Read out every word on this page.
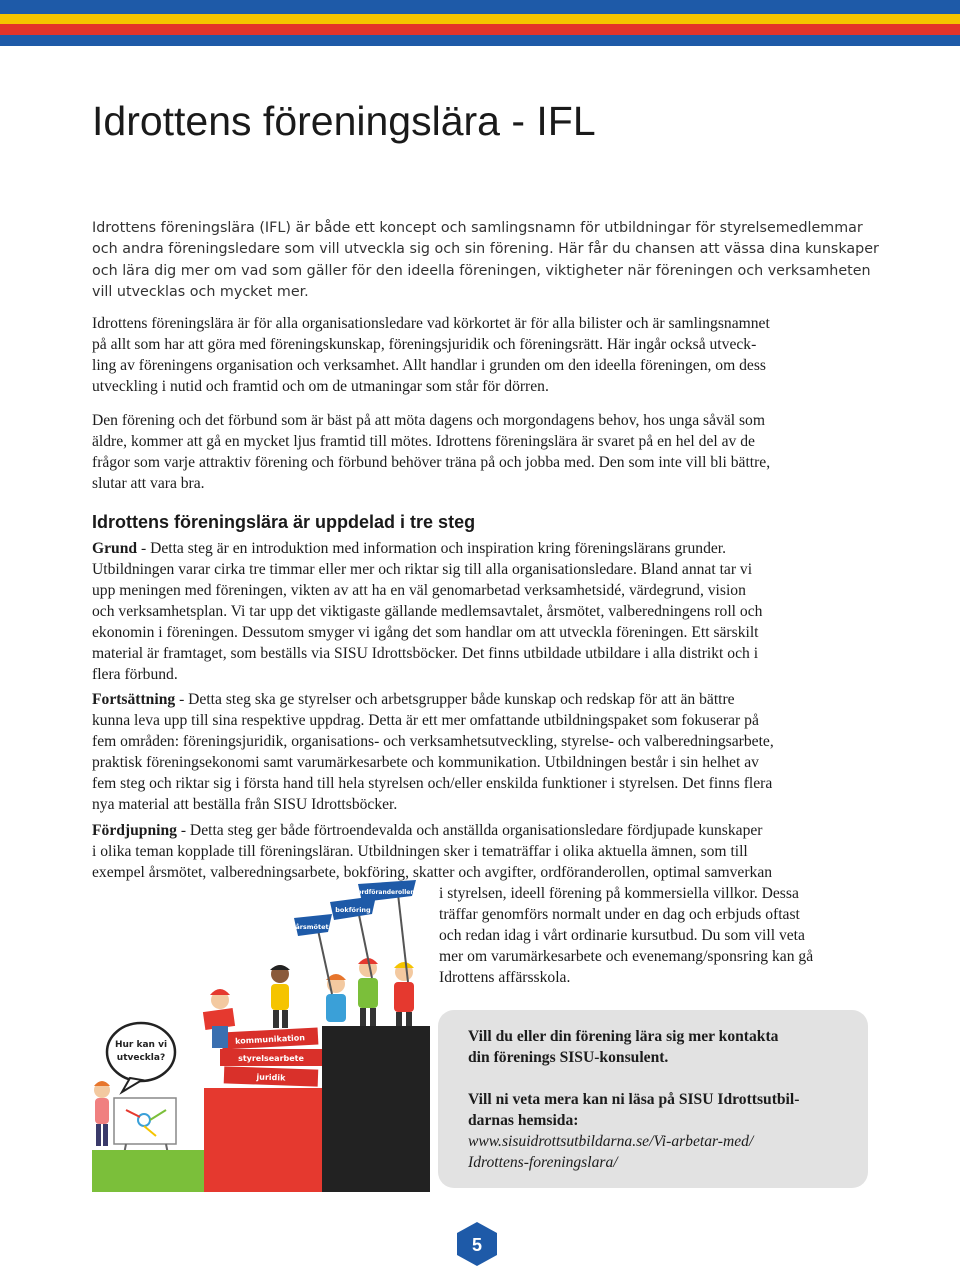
Idrottens föreningslära - IFL
Idrottens föreningslära (IFL) är både ett koncept och samlingsnamn för utbildningar för styrelsemedlemmar
och andra föreningsledare som vill utveckla sig och sin förening. Här får du chansen att vässa dina kunskaper
och lära dig mer om vad som gäller för den ideella föreningen, viktigheter när föreningen och verksamheten
vill utvecklas och mycket mer.
Idrottens föreningslära är för alla organisationsledare vad körkortet är för alla bilister och är samlingsnamnet
på allt som har att göra med föreningskunskap, föreningsjuridik och föreningsrätt. Här ingår också utveck-
ling av föreningens organisation och verksamhet. Allt handlar i grunden om den ideella föreningen, om dess
utveckling i nutid och framtid och om de utmaningar som står för dörren.
Den förening och det förbund som är bäst på att möta dagens och morgondagens behov, hos unga såväl som
äldre, kommer att gå en mycket ljus framtid till mötes. Idrottens föreningslära är svaret på en hel del av de
frågor som varje attraktiv förening och förbund behöver träna på och jobba med. Den som inte vill bli bättre,
slutar att vara bra.
Idrottens föreningslära är uppdelad i tre steg
Grund - Detta steg är en introduktion med information och inspiration kring föreningslärans grunder.
Utbildningen varar cirka tre timmar eller mer och riktar sig till alla organisationsledare. Bland annat tar vi
upp meningen med föreningen, vikten av att ha en väl genomarbetad verksamhetsidé, värdegrund, vision
och verksamhetsplan. Vi tar upp det viktigaste gällande medlemsavtalet, årsmötet, valberedningens roll och
ekonomin i föreningen. Dessutom smyger vi igång det som handlar om att utveckla föreningen. Ett särskilt
material är framtaget, som beställs via SISU Idrottsböcker. Det finns utbildade utbildare i alla distrikt och i
flera förbund.
Fortsättning - Detta steg ska ge styrelser och arbetsgrupper både kunskap och redskap för att än bättre
kunna leva upp till sina respektive uppdrag. Detta är ett mer omfattande utbildningspaket som fokuserar på
fem områden: föreningsjuridik, organisations- och verksamhetsutveckling, styrelse- och valberedningsarbete,
praktisk föreningsekonomi samt varumärkesarbete och kommunikation. Utbildningen består i sin helhet av
fem steg och riktar sig i första hand till hela styrelsen och/eller enskilda funktioner i styrelsen. Det finns flera
nya material att beställa från SISU Idrottsböcker.
Fördjupning - Detta steg ger både förtroendevalda och anställda organisationsledare fördjupade kunskaper
i olika teman kopplade till föreningsläran. Utbildningen sker i tematräffar i olika aktuella ämnen, som till
exempel årsmötet, valberedningsarbete, bokföring, skatter och avgifter, ordföranderollen, optimal samverkan
i styrelsen, ideell förening på kommersiella villkor. Dessa
träffar genomförs normalt under en dag och erbjuds oftast
och redan idag i vårt ordinarie kursutbud. Du som vill veta
mer om varumärkesarbete och evenemang/sponsring kan gå
Idrottens affärsskola.
Hur kan vi
utveckla?
kommunikation
styrelsearbete
juridik
årsmötet
bokföring
ordföranderollen
Vill du eller din förening lära sig mer kontakta
din förenings SISU-konsulent.
Vill ni veta mera kan ni läsa på SISU Idrottsutbil-
darnas hemsida:
www.sisuidrottsutbildarna.se/Vi-arbetar-med/
Idrottens-foreningslara/
5
